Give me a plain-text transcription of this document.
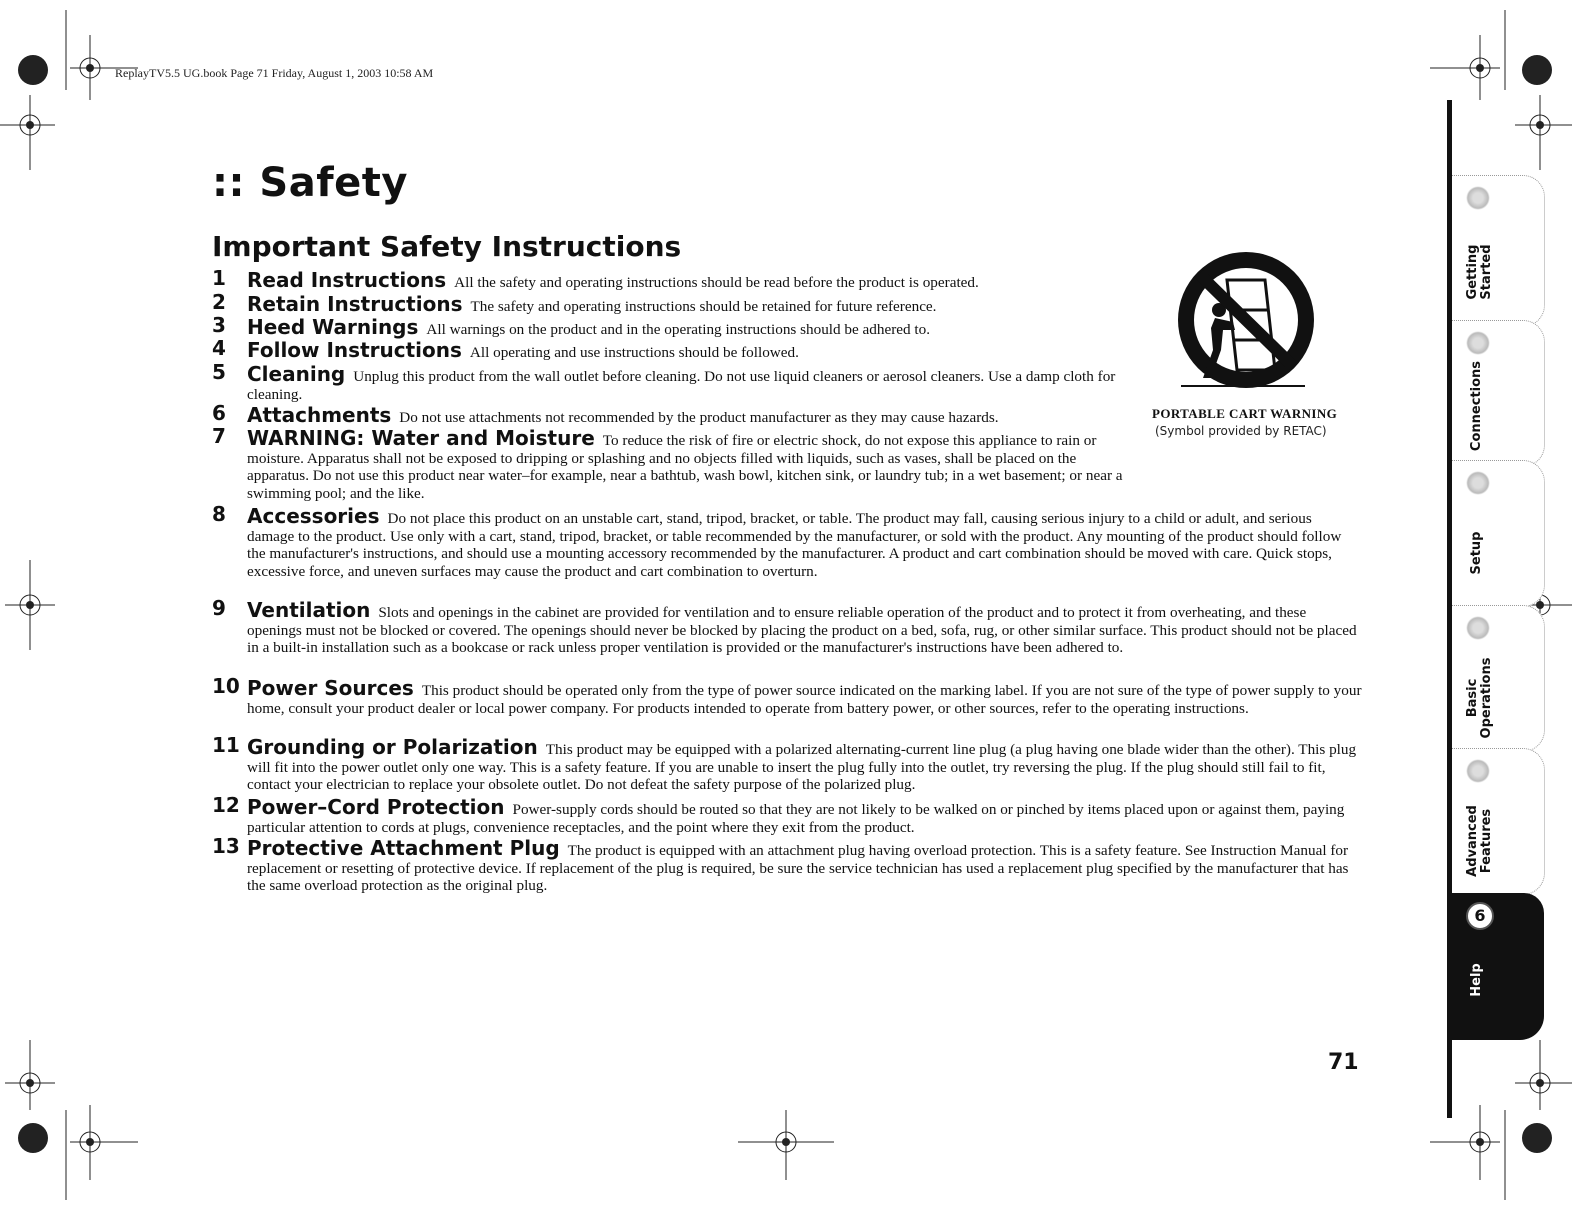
ReplayTV5.5 UG.book Page 71 Friday, August 1, 2003 10:58 AM
:: Safety
Important Safety Instructions
1 Read Instructions All the safety and operating instructions should be read before the product is operated.
2 Retain Instructions The safety and operating instructions should be retained for future reference.
3 Heed Warnings All warnings on the product and in the operating instructions should be adhered to.
4 Follow Instructions All operating and use instructions should be followed.
5 Cleaning Unplug this product from the wall outlet before cleaning. Do not use liquid cleaners or aerosol cleaners. Use a damp cloth for cleaning.
6 Attachments Do not use attachments not recommended by the product manufacturer as they may cause hazards.
7 WARNING: Water and Moisture To reduce the risk of fire or electric shock, do not expose this appliance to rain or moisture. Apparatus shall not be exposed to dripping or splashing and no objects filled with liquids, such as vases, shall be placed on the apparatus. Do not use this product near water–for example, near a bathtub, wash bowl, kitchen sink, or laundry tub; in a wet basement; or near a swimming pool; and the like.
8 Accessories Do not place this product on an unstable cart, stand, tripod, bracket, or table. The product may fall, causing serious injury to a child or adult, and serious damage to the product. Use only with a cart, stand, tripod, bracket, or table recommended by the manufacturer, or sold with the product. Any mounting of the product should follow the manufacturer's instructions, and should use a mounting accessory recommended by the manufacturer. A product and cart combination should be moved with care. Quick stops, excessive force, and uneven surfaces may cause the product and cart combination to overturn.
9 Ventilation Slots and openings in the cabinet are provided for ventilation and to ensure reliable operation of the product and to protect it from overheating, and these openings must not be blocked or covered. The openings should never be blocked by placing the product on a bed, sofa, rug, or other similar surface. This product should not be placed in a built-in installation such as a bookcase or rack unless proper ventilation is provided or the manufacturer's instructions have been adhered to.
10 Power Sources This product should be operated only from the type of power source indicated on the marking label. If you are not sure of the type of power supply to your home, consult your product dealer or local power company. For products intended to operate from battery power, or other sources, refer to the operating instructions.
11 Grounding or Polarization This product may be equipped with a polarized alternating-current line plug (a plug having one blade wider than the other). This plug will fit into the power outlet only one way. This is a safety feature. If you are unable to insert the plug fully into the outlet, try reversing the plug. If the plug should still fail to fit, contact your electrician to replace your obsolete outlet. Do not defeat the safety purpose of the polarized plug.
12 Power–Cord Protection Power-supply cords should be routed so that they are not likely to be walked on or pinched by items placed upon or against them, paying particular attention to cords at plugs, convenience receptacles, and the point where they exit from the product.
13 Protective Attachment Plug The product is equipped with an attachment plug having overload protection. This is a safety feature. See Instruction Manual for replacement or resetting of protective device. If replacement of the plug is required, be sure the service technician has used a replacement plug specified by the manufacturer that has the same overload protection as the original plug.
PORTABLE CART WARNING
(Symbol provided by RETAC)
71
Getting Started
Connections
Setup
Basic Operations
Advanced Features
6
Help
